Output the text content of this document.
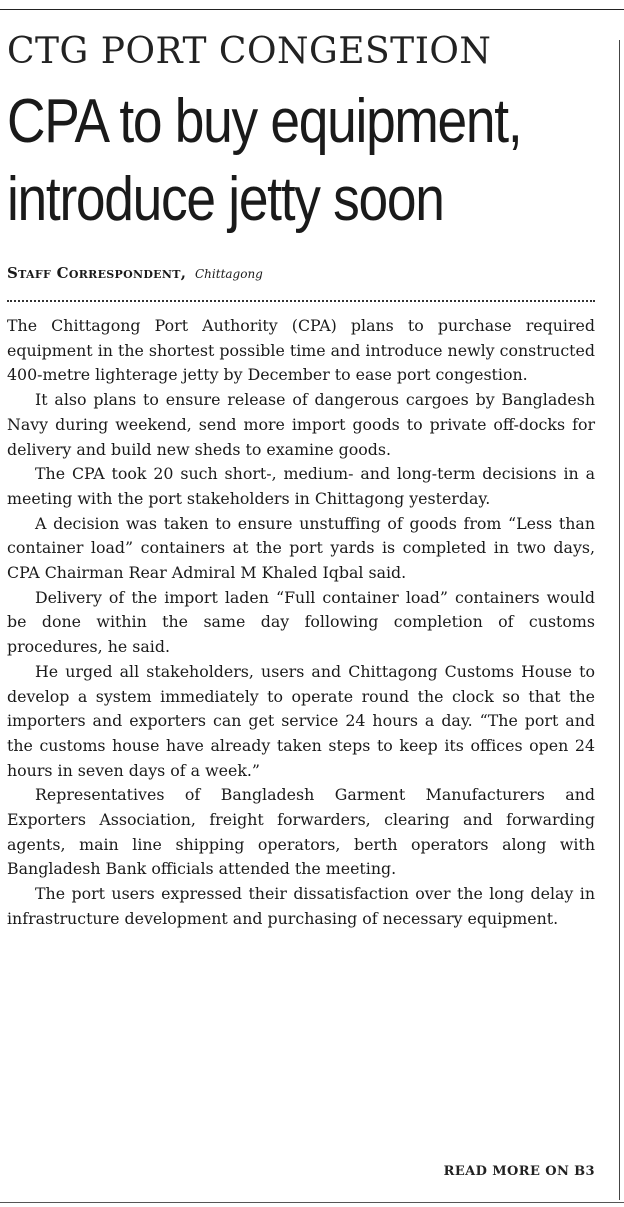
CTG PORT CONGESTION
CPA to buy equipment,
introduce jetty soon
Staff Correspondent, Chittagong

The Chittagong Port Authority (CPA) plans to purchase required equipment in the shortest possible time and introduce newly constructed 400-metre lighterage jetty by December to ease port congestion.

It also plans to ensure release of dangerous cargoes by Bangladesh Navy during weekend, send more import goods to private off-docks for delivery and build new sheds to examine goods.

The CPA took 20 such short-, medium- and long-term decisions in a meeting with the port stakeholders in Chittagong yesterday.

A decision was taken to ensure unstuffing of goods from “Less than container load” containers at the port yards is completed in two days, CPA Chairman Rear Admiral M Khaled Iqbal said.

Delivery of the import laden “Full container load” containers would be done within the same day following completion of customs procedures, he said.

He urged all stakeholders, users and Chittagong Customs House to develop a system immediately to operate round the clock so that the importers and exporters can get service 24 hours a day. “The port and the customs house have already taken steps to keep its offices open 24 hours in seven days of a week.”

Representatives of Bangladesh Garment Manufacturers and Exporters Association, freight forwarders, clearing and forwarding agents, main line shipping operators, berth operators along with Bangladesh Bank officials attended the meeting.

The port users expressed their dissatisfaction over the long delay in infrastructure development and purchasing of necessary equipment.

READ MORE ON B3
